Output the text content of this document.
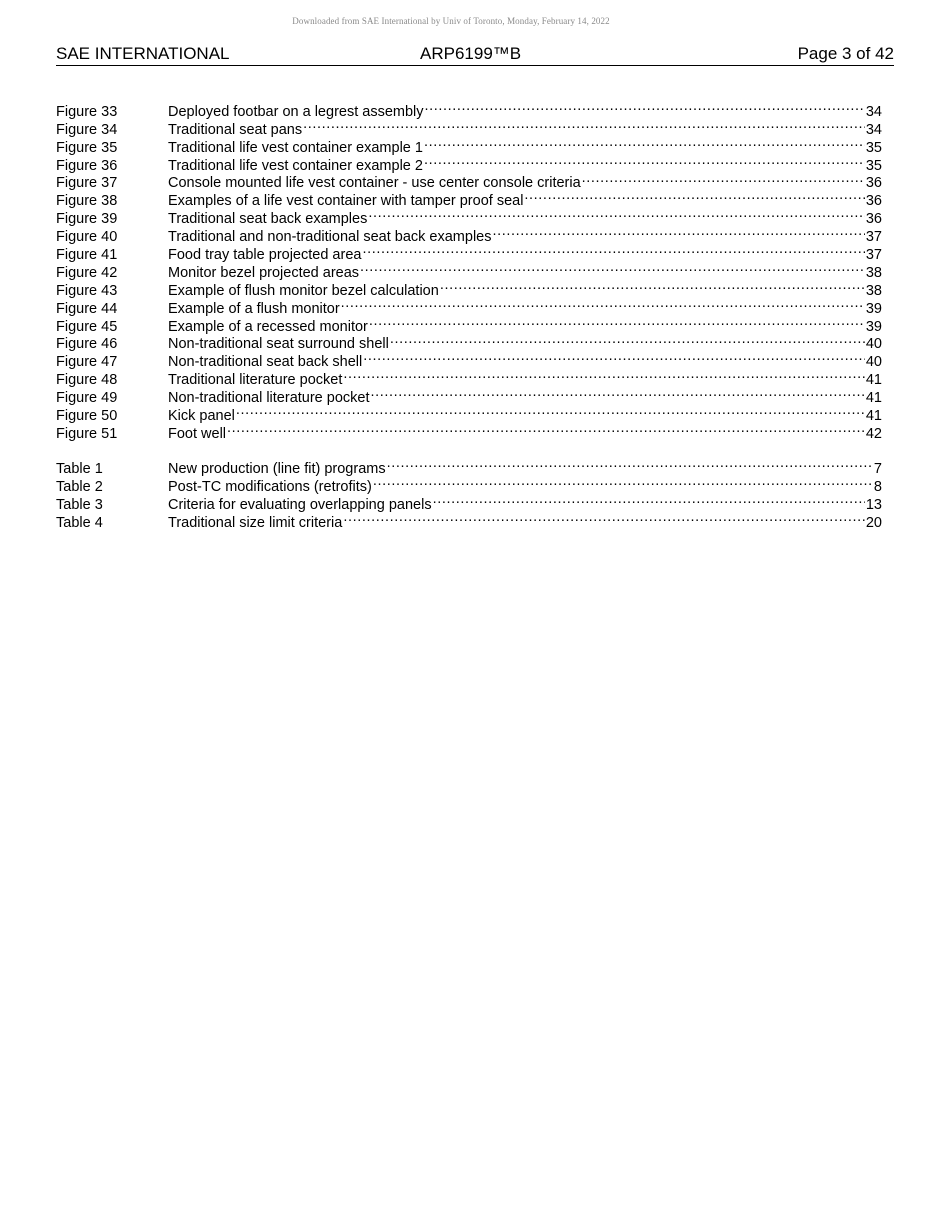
Downloaded from SAE International by Univ of Toronto, Monday, February 14, 2022
SAE INTERNATIONAL	ARP6199™B	Page 3 of 42
Figure 33	Deployed footbar on a legrest assembly .....	34
Figure 34	Traditional seat pans .....	34
Figure 35	Traditional life vest container example 1 .....	35
Figure 36	Traditional life vest container example 2 .....	35
Figure 37	Console mounted life vest container - use center console criteria .....	36
Figure 38	Examples of a life vest container with tamper proof seal .....	36
Figure 39	Traditional seat back examples .....	36
Figure 40	Traditional and non-traditional seat back examples .....	37
Figure 41	Food tray table projected area .....	37
Figure 42	Monitor bezel projected areas .....	38
Figure 43	Example of flush monitor bezel calculation .....	38
Figure 44	Example of a flush monitor .....	39
Figure 45	Example of a recessed monitor .....	39
Figure 46	Non-traditional seat surround shell .....	40
Figure 47	Non-traditional seat back shell .....	40
Figure 48	Traditional literature pocket .....	41
Figure 49	Non-traditional literature pocket .....	41
Figure 50	Kick panel .....	41
Figure 51	Foot well .....	42
Table 1	New production (line fit) programs .....	7
Table 2	Post-TC modifications (retrofits) .....	8
Table 3	Criteria for evaluating overlapping panels .....	13
Table 4	Traditional size limit criteria .....	20
